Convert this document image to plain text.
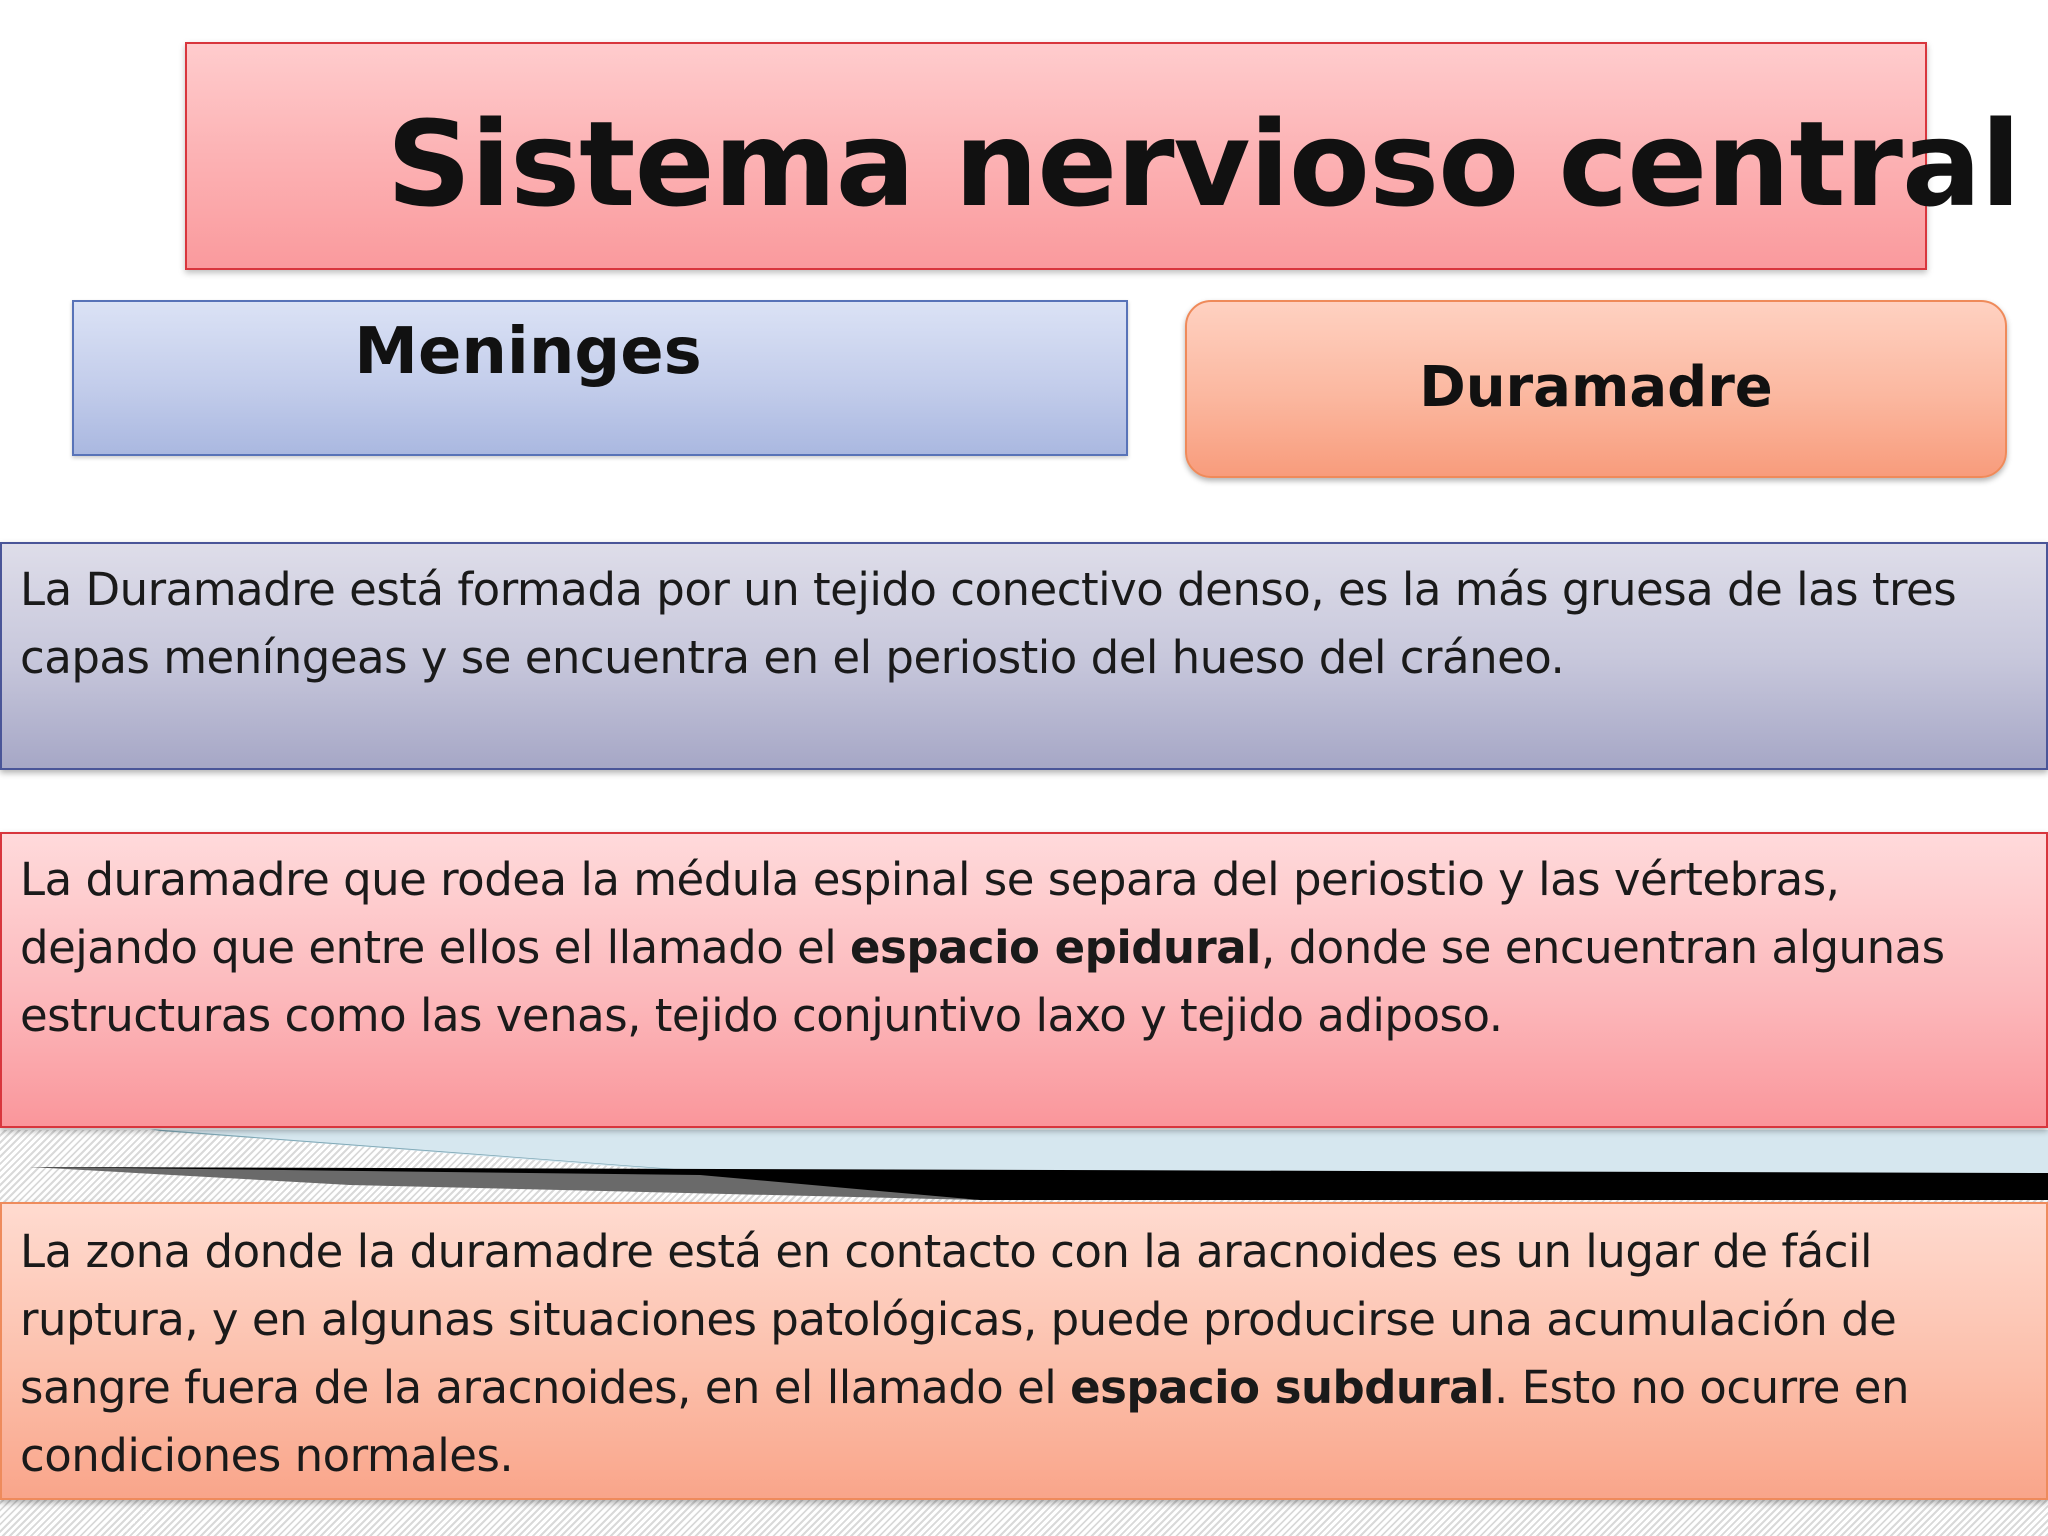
Sistema nervioso central
Meninges	Duramadre

La Duramadre está formada por un tejido conectivo denso, es la más gruesa de las tres capas meníngeas y se encuentra en el periostio del hueso del cráneo.

La duramadre que rodea la médula espinal se separa del periostio y las vértebras, dejando que entre ellos el llamado el espacio epidural, donde se encuentran algunas estructuras como las venas, tejido conjuntivo laxo y tejido adiposo.

La zona donde la duramadre está en contacto con la aracnoides es un lugar de fácil ruptura, y en algunas situaciones patológicas, puede producirse una acumulación de sangre fuera de la aracnoides, en el llamado el espacio subdural. Esto no ocurre en condiciones normales.
